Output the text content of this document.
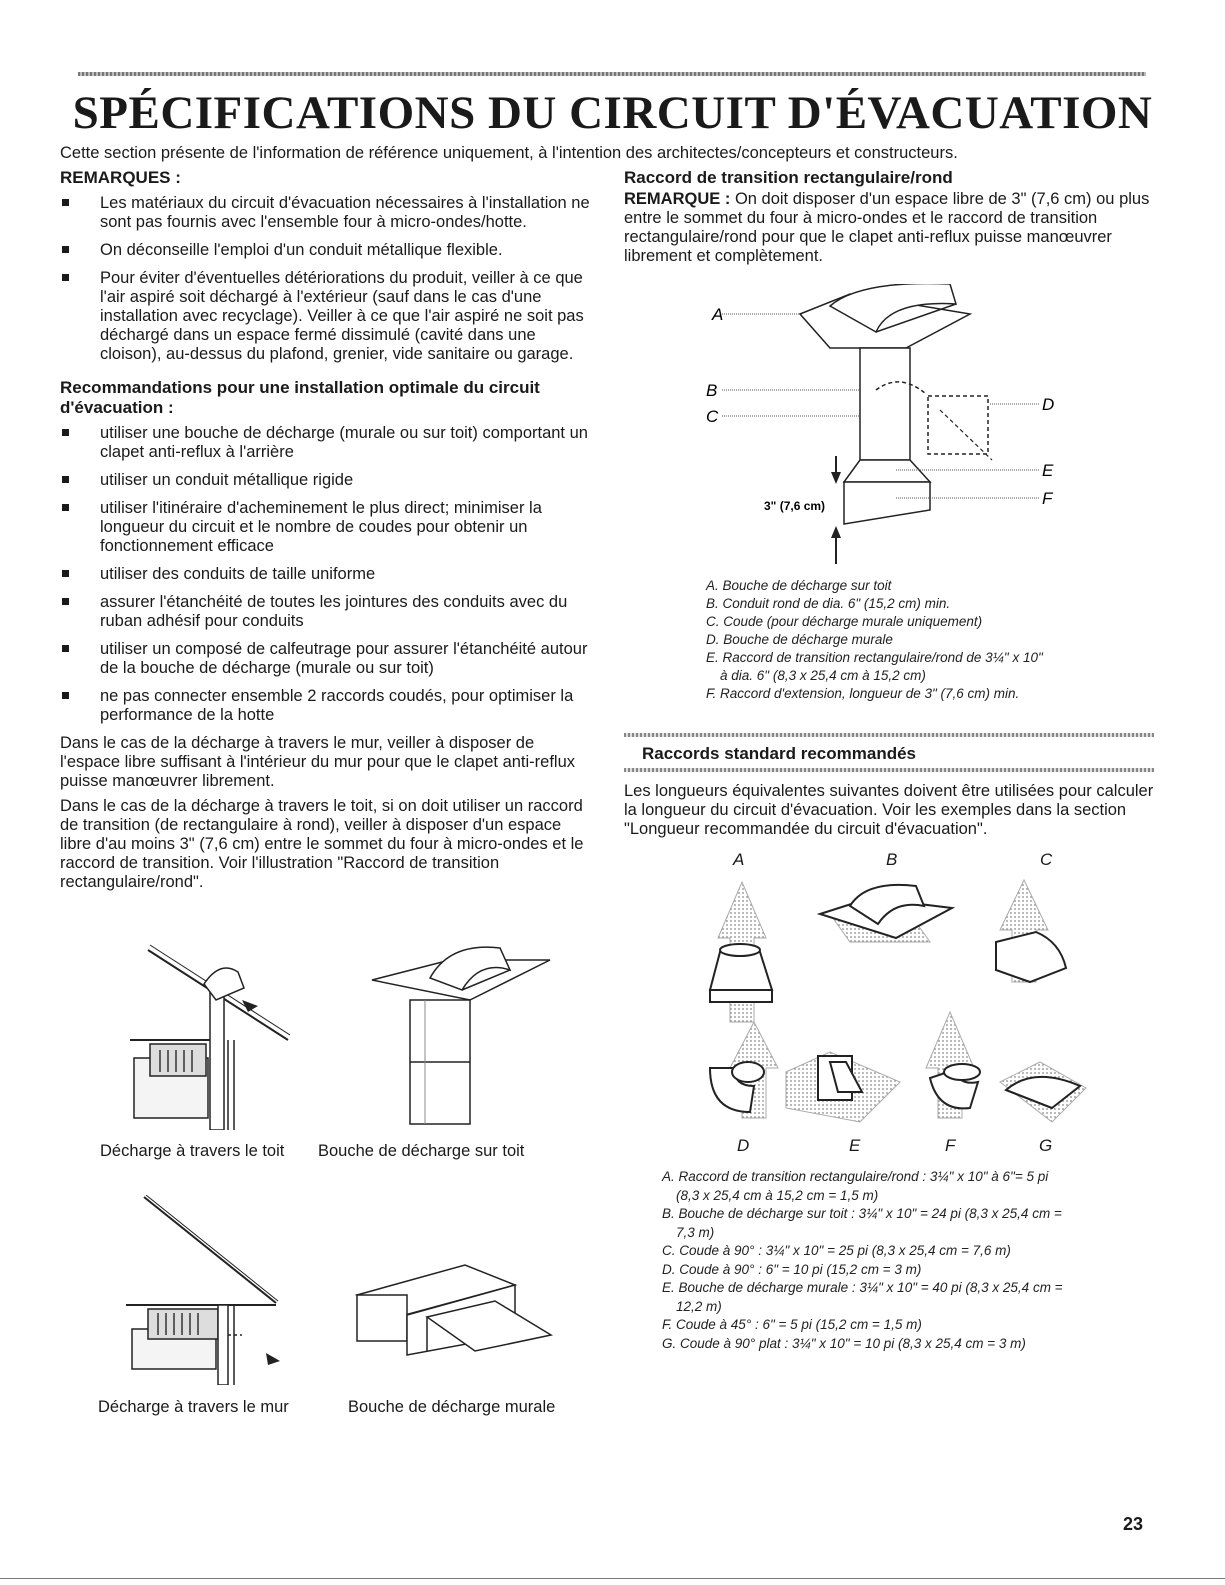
SPÉCIFICATIONS DU CIRCUIT D'ÉVACUATION

Cette section présente de l'information de référence uniquement, à l'intention des architectes/concepteurs et constructeurs.

REMARQUES :
Les matériaux du circuit d'évacuation nécessaires à l'installation ne sont pas fournis avec l'ensemble four à micro-ondes/hotte.
On déconseille l'emploi d'un conduit métallique flexible.
Pour éviter d'éventuelles détériorations du produit, veiller à ce que l'air aspiré soit déchargé à l'extérieur (sauf dans le cas d'une installation avec recyclage). Veiller à ce que l'air aspiré ne soit pas déchargé dans un espace fermé dissimulé (cavité dans une cloison), au-dessus du plafond, grenier, vide sanitaire ou garage.
Recommandations pour une installation optimale du circuit d'évacuation :
utiliser une bouche de décharge (murale ou sur toit) comportant un clapet anti-reflux à l'arrière
utiliser un conduit métallique rigide
utiliser l'itinéraire d'acheminement le plus direct; minimiser la longueur du circuit et le nombre de coudes pour obtenir un fonctionnement efficace
utiliser des conduits de taille uniforme
assurer l'étanchéité de toutes les jointures des conduits avec du ruban adhésif pour conduits
utiliser un composé de calfeutrage pour assurer l'étanchéité autour de la bouche de décharge (murale ou sur toit)
ne pas connecter ensemble 2 raccords coudés, pour optimiser la performance de la hotte

Dans le cas de la décharge à travers le mur, veiller à disposer de l'espace libre suffisant à l'intérieur du mur pour que le clapet anti-reflux puisse manœuvrer librement.

Dans le cas de la décharge à travers le toit, si on doit utiliser un raccord de transition (de rectangulaire à rond), veiller à disposer d'un espace libre d'au moins 3" (7,6 cm) entre le sommet du four à micro-ondes et le raccord de transition. Voir l'illustration "Raccord de transition rectangulaire/rond".

Décharge à travers le toit Bouche de décharge sur toit
Décharge à travers le mur	Bouche de décharge murale
Raccord de transition rectangulaire/rond

REMARQUE : On doit disposer d'un espace libre de 3" (7,6 cm) ou plus entre le sommet du four à micro-ondes et le raccord de transition rectangulaire/rond pour que le clapet anti-reflux puisse manœuvrer librement et complètement.

A
B
C
D
E
F
3" (7,6 cm)
A. Bouche de décharge sur toit
B. Conduit rond de dia. 6" (15,2 cm) min.
C. Coude (pour décharge murale uniquement)
D. Bouche de décharge murale
E. Raccord de transition rectangulaire/rond de 3¼" x 10"
à dia. 6" (8,3 x 25,4 cm à 15,2 cm)
F. Raccord d'extension, longueur de 3" (7,6 cm) min.
Raccords standard recommandés

Les longueurs équivalentes suivantes doivent être utilisées pour calculer la longueur du circuit d'évacuation. Voir les exemples dans la section "Longueur recommandée du circuit d'évacuation".

A	B	C
D	E	F	G
A. Raccord de transition rectangulaire/rond : 3¼" x 10" à 6"= 5 pi
(8,3 x 25,4 cm à 15,2 cm = 1,5 m)
B. Bouche de décharge sur toit : 3¼" x 10" = 24 pi (8,3 x 25,4 cm =
7,3 m)
C. Coude à 90° : 3¼" x 10" = 25 pi (8,3 x 25,4 cm = 7,6 m)
D. Coude à 90° : 6" = 10 pi (15,2 cm = 3 m)
E. Bouche de décharge murale : 3¼" x 10" = 40 pi (8,3 x 25,4 cm =
12,2 m)
F. Coude à 45° : 6" = 5 pi (15,2 cm = 1,5 m)
G. Coude à 90° plat : 3¼" x 10" = 10 pi (8,3 x 25,4 cm = 3 m)
23
